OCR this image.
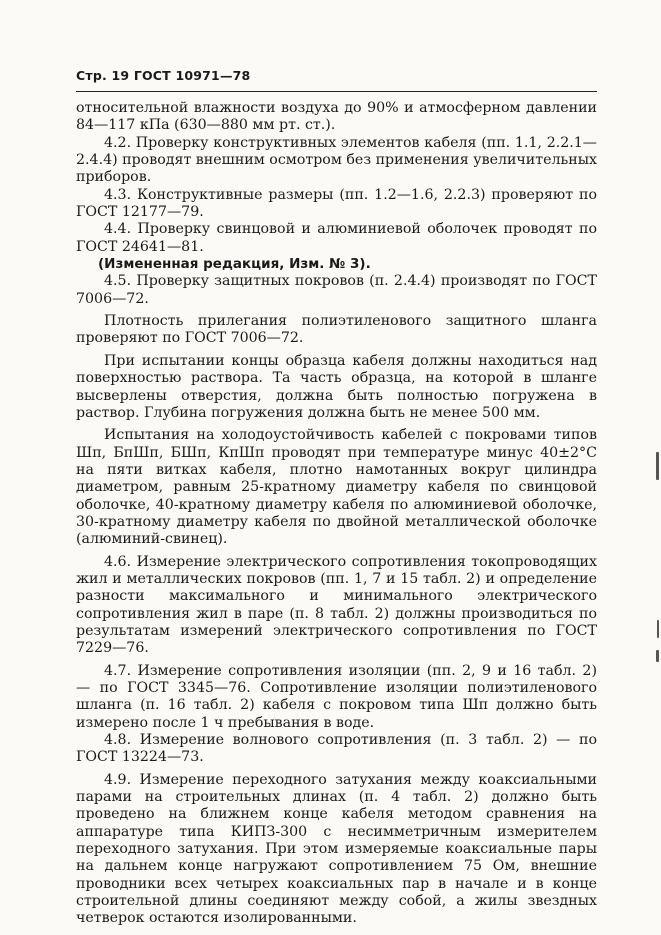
Стр. 19 ГОСТ 10971—78

относительной влажности воздуха до 90% и атмосферном давлении 84—117 кПа (630—880 мм рт. ст.).

4.2. Проверку конструктивных элементов кабеля (пп. 1.1, 2.2.1—2.4.4) проводят внешним осмотром без применения увеличительных приборов.

4.3. Конструктивные размеры (пп. 1.2—1.6, 2.2.3) проверяют по ГОСТ 12177—79.

4.4. Проверку свинцовой и алюминиевой оболочек проводят по ГОСТ 24641—81.

(Измененная редакция, Изм. № 3).

4.5. Проверку защитных покровов (п. 2.4.4) производят по ГОСТ 7006—72.

Плотность прилегания полиэтиленового защитного шланга проверяют по ГОСТ 7006—72.

При испытании концы образца кабеля должны находиться над поверхностью раствора. Та часть образца, на которой в шланге высверлены отверстия, должна быть полностью погружена в раствор. Глубина погружения должна быть не менее 500 мм.

Испытания на холодоустойчивость кабелей с покровами типов Шп, БпШп, БШп, КпШп проводят при температуре минус 40±2°С на пяти витках кабеля, плотно намотанных вокруг цилиндра диаметром, равным 25-кратному диаметру кабеля по свинцовой оболочке, 40-кратному диаметру кабеля по алюминиевой оболочке, 30-кратному диаметру кабеля по двойной металлической оболочке (алюминий-свинец).

4.6. Измерение электрического сопротивления токопроводящих жил и металлических покровов (пп. 1, 7 и 15 табл. 2) и определение разности максимального и минимального электрического сопротивления жил в паре (п. 8 табл. 2) должны производиться по результатам измерений электрического сопротивления по ГОСТ 7229—76.

4.7. Измерение сопротивления изоляции (пп. 2, 9 и 16 табл. 2) — по ГОСТ 3345—76. Сопротивление изоляции полиэтиленового шланга (п. 16 табл. 2) кабеля с покровом типа Шп должно быть измерено после 1 ч пребывания в воде.

4.8. Измерение волнового сопротивления (п. 3 табл. 2) — по ГОСТ 13224—73.

4.9. Измерение переходного затухания между коаксиальными парами на строительных длинах (п. 4 табл. 2) должно быть проведено на ближнем конце кабеля методом сравнения на аппаратуре типа КИПЗ-300 с несимметричным измерителем переходного затухания. При этом измеряемые коаксиальные пары на дальнем конце нагружают сопротивлением 75 Ом, внешние проводники всех четырех коаксиальных пар в начале и в конце строительной длины соединяют между собой, а жилы звездных четверок остаются изолированными.
